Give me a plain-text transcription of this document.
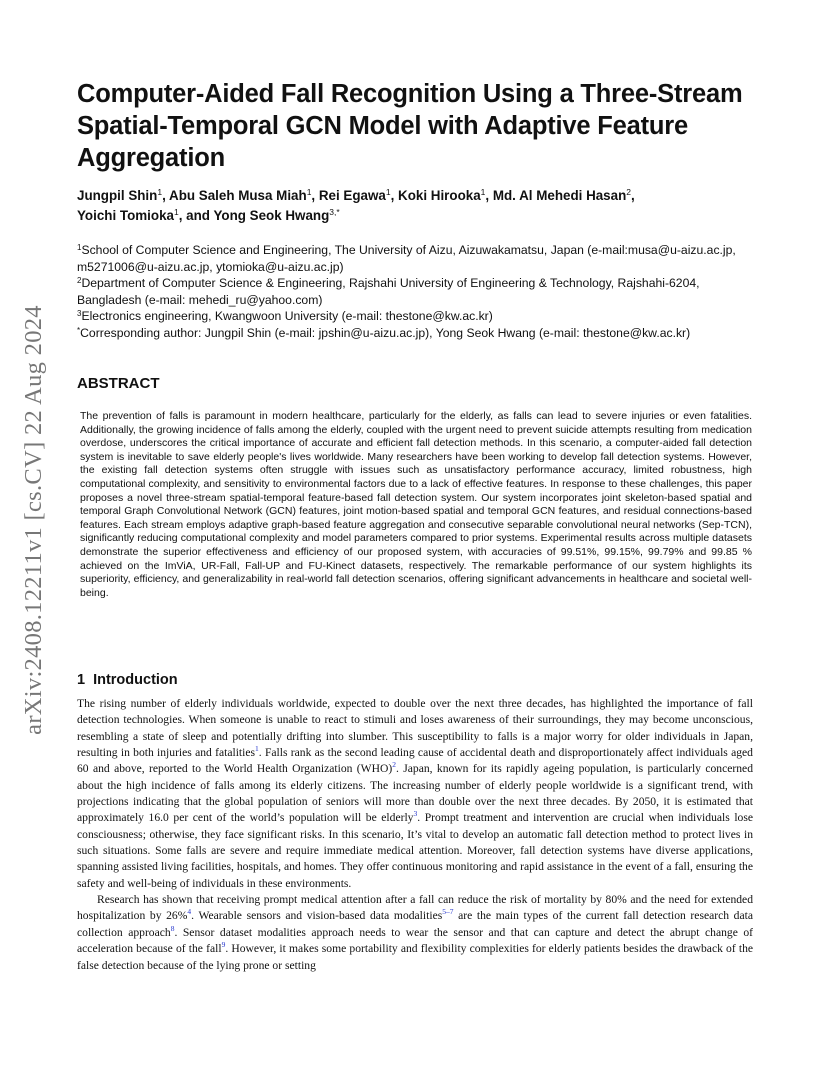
arXiv:2408.12211v1 [cs.CV] 22 Aug 2024
Computer-Aided Fall Recognition Using a Three-Stream Spatial-Temporal GCN Model with Adaptive Feature Aggregation
Jungpil Shin$^1$, Abu Saleh Musa Miah$^1$, Rei Egawa$^1$, Koki Hirooka$^1$, Md. Al Mehedi Hasan$^2$,
Yoichi Tomioka$^1$, and Yong Seok Hwang$^{3,*}$
$^1$School of Computer Science and Engineering, The University of Aizu, Aizuwakamatsu, Japan (e-mail:musa@u-aizu.ac.jp, m5271006@u-aizu.ac.jp, ytomioka@u-aizu.ac.jp)
$^2$Department of Computer Science & Engineering, Rajshahi University of Engineering & Technology, Rajshahi-6204, Bangladesh (e-mail: mehedi_ru@yahoo.com)
$^3$Electronics engineering, Kwangwoon University (e-mail: thestone@kw.ac.kr)
*Corresponding author: Jungpil Shin (e-mail: jpshin@u-aizu.ac.jp), Yong Seok Hwang (e-mail: thestone@kw.ac.kr)
ABSTRACT
The prevention of falls is paramount in modern healthcare, particularly for the elderly, as falls can lead to severe injuries or even fatalities. Additionally, the growing incidence of falls among the elderly, coupled with the urgent need to prevent suicide attempts resulting from medication overdose, underscores the critical importance of accurate and efficient fall detection methods. In this scenario, a computer-aided fall detection system is inevitable to save elderly people's lives worldwide. Many researchers have been working to develop fall detection systems. However, the existing fall detection systems often struggle with issues such as unsatisfactory performance accuracy, limited robustness, high computational complexity, and sensitivity to environmental factors due to a lack of effective features. In response to these challenges, this paper proposes a novel three-stream spatial-temporal feature-based fall detection system. Our system incorporates joint skeleton-based spatial and temporal Graph Convolutional Network (GCN) features, joint motion-based spatial and temporal GCN features, and residual connections-based features. Each stream employs adaptive graph-based feature aggregation and consecutive separable convolutional neural networks (Sep-TCN), significantly reducing computational complexity and model parameters compared to prior systems. Experimental results across multiple datasets demonstrate the superior effectiveness and efficiency of our proposed system, with accuracies of 99.51%, 99.15%, 99.79% and 99.85 % achieved on the ImViA, UR-Fall, Fall-UP and FU-Kinect datasets, respectively. The remarkable performance of our system highlights its superiority, efficiency, and generalizability in real-world fall detection scenarios, offering significant advancements in healthcare and societal well-being.
1 Introduction

The rising number of elderly individuals worldwide, expected to double over the next three decades, has highlighted the importance of fall detection technologies. When someone is unable to react to stimuli and loses awareness of their surroundings, they may become unconscious, resembling a state of sleep and potentially drifting into slumber. This susceptibility to falls is a major worry for older individuals in Japan, resulting in both injuries and fatalities$^1$. Falls rank as the second leading cause of accidental death and disproportionately affect individuals aged 60 and above, reported to the World Health Organization (WHO)$^2$. Japan, known for its rapidly ageing population, is particularly concerned about the high incidence of falls among its elderly citizens. The increasing number of elderly people worldwide is a significant trend, with projections indicating that the global population of seniors will more than double over the next three decades. By 2050, it is estimated that approximately 16.0 per cent of the world’s population will be elderly$^3$. Prompt treatment and intervention are crucial when individuals lose consciousness; otherwise, they face significant risks. In this scenario, It’s vital to develop an automatic fall detection method to protect lives in such situations. Some falls are severe and require immediate medical attention. Moreover, fall detection systems have diverse applications, spanning assisted living facilities, hospitals, and homes. They offer continuous monitoring and rapid assistance in the event of a fall, ensuring the safety and well-being of individuals in these environments.

Research has shown that receiving prompt medical attention after a fall can reduce the risk of mortality by 80% and the need for extended hospitalization by 26%$^4$. Wearable sensors and vision-based data modalities$^{5-7}$ are the main types of the current fall detection research data collection approach$^8$. Sensor dataset modalities approach needs to wear the sensor and that can capture and detect the abrupt change of acceleration because of the fall$^9$. However, it makes some portability and flexibility complexities for elderly patients besides the drawback of the false detection because of the lying prone or setting
